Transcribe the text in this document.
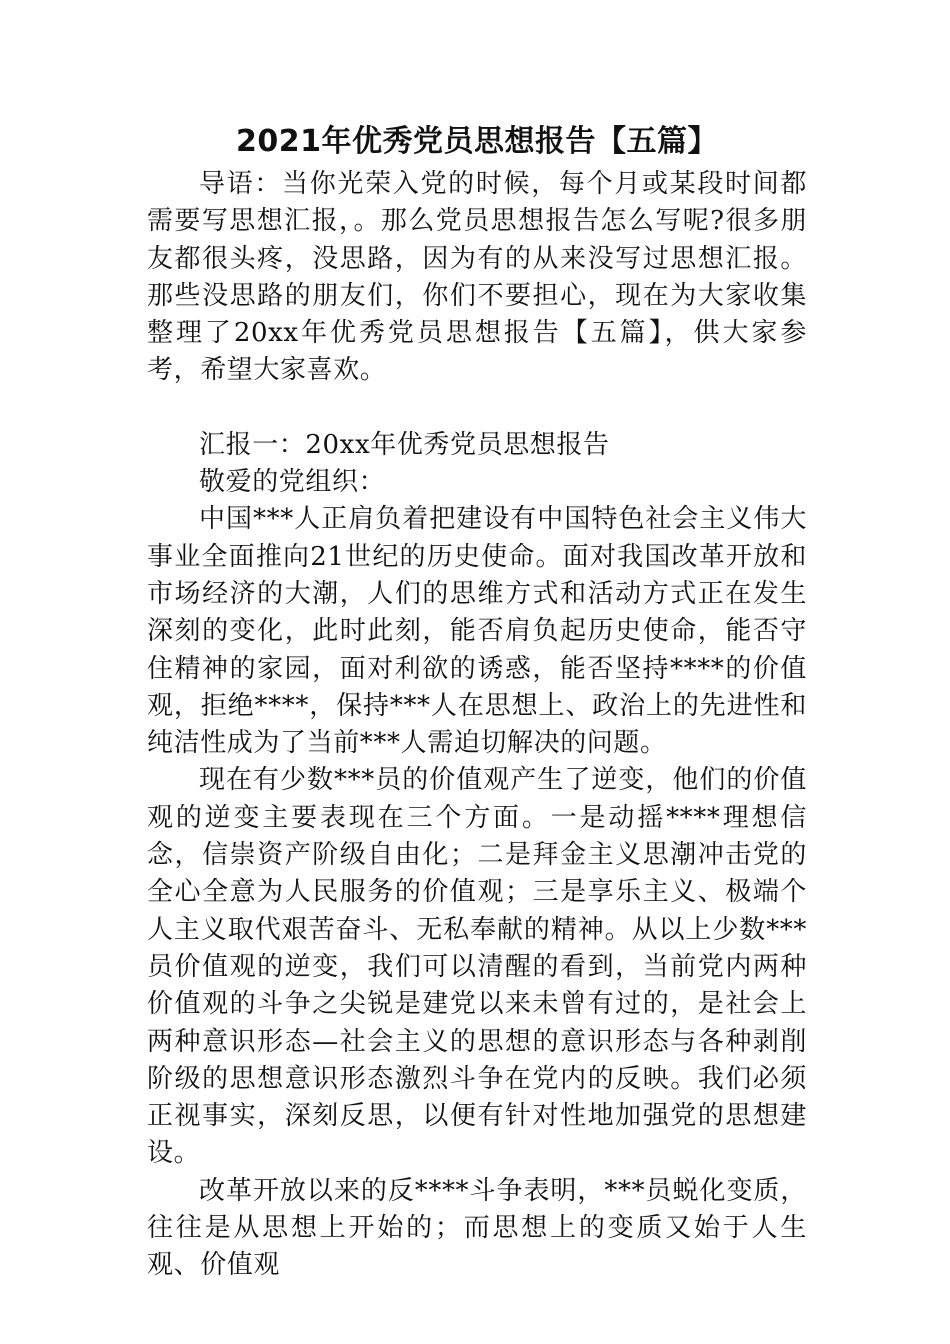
2021年优秀党员思想报告【五篇】

导语：当你光荣入党的时候，每个月或某段时间都需要写思想汇报，。那么党员思想报告怎么写呢?很多朋友都很头疼，没思路，因为有的从来没写过思想汇报。那些没思路的朋友们，你们不要担心，现在为大家收集整理了20xx年优秀党员思想报告【五篇】，供大家参考，希望大家喜欢。

汇报一：20xx年优秀党员思想报告

敬爱的党组织：

中国***人正肩负着把建设有中国特色社会主义伟大事业全面推向21世纪的历史使命。面对我国改革开放和市场经济的大潮，人们的思维方式和活动方式正在发生深刻的变化，此时此刻，能否肩负起历史使命，能否守住精神的家园，面对利欲的诱惑，能否坚持****的价值观，拒绝****，保持***人在思想上、政治上的先进性和纯洁性成为了当前***人需迫切解决的问题。

现在有少数***员的价值观产生了逆变，他们的价值观的逆变主要表现在三个方面。一是动摇****理想信念，信崇资产阶级自由化；二是拜金主义思潮冲击党的全心全意为人民服务的价值观；三是享乐主义、极端个人主义取代艰苦奋斗、无私奉献的精神。从以上少数***员价值观的逆变，我们可以清醒的看到，当前党内两种价值观的斗争之尖锐是建党以来未曾有过的，是社会上两种意识形态—社会主义的思想的意识形态与各种剥削阶级的思想意识形态激烈斗争在党内的反映。我们必须正视事实，深刻反思，以便有针对性地加强党的思想建设。

改革开放以来的反****斗争表明，***员蜕化变质，往往是从思想上开始的；而思想上的变质又始于人生观、价值观
